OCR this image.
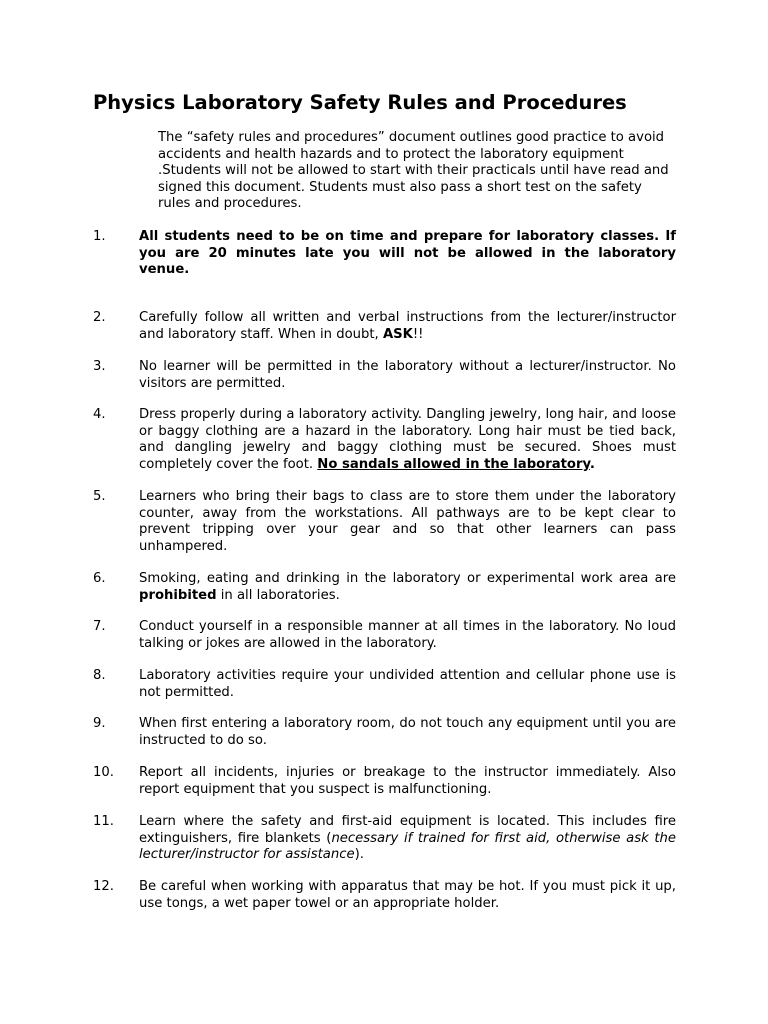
Physics Laboratory Safety Rules and Procedures

The “safety rules and procedures” document outlines good practice to avoid accidents and health hazards and to protect the laboratory equipment .Students will not be allowed to start with their practicals until have read and signed this document. Students must also pass a short test on the safety rules and procedures.

1.	All students need to be on time and prepare for laboratory classes. If you are 20 minutes late you will not be allowed in the laboratory venue.
2.	Carefully follow all written and verbal instructions from the lecturer/instructor and laboratory staff. When in doubt, ASK!!
3.	No learner will be permitted in the laboratory without a lecturer/instructor. No visitors are permitted.
4.	Dress properly during a laboratory activity. Dangling jewelry, long hair, and loose or baggy clothing are a hazard in the laboratory. Long hair must be tied back, and dangling jewelry and baggy clothing must be secured. Shoes must completely cover the foot. No sandals allowed in the laboratory.
5.	Learners who bring their bags to class are to store them under the laboratory counter, away from the workstations. All pathways are to be kept clear to prevent tripping over your gear and so that other learners can pass unhampered.
6.	Smoking, eating and drinking in the laboratory or experimental work area are prohibited in all laboratories.
7.	Conduct yourself in a responsible manner at all times in the laboratory. No loud talking or jokes are allowed in the laboratory.
8.	Laboratory activities require your undivided attention and cellular phone use is not permitted.
9.	When first entering a laboratory room, do not touch any equipment until you are instructed to do so.
10. Report all incidents, injuries or breakage to the instructor immediately. Also report equipment that you suspect is malfunctioning.
11. Learn where the safety and first-aid equipment is located. This includes fire extinguishers, fire blankets (necessary if trained for first aid, otherwise ask the lecturer/instructor for assistance).
12. Be careful when working with apparatus that may be hot. If you must pick it up, use tongs, a wet paper towel or an appropriate holder.
